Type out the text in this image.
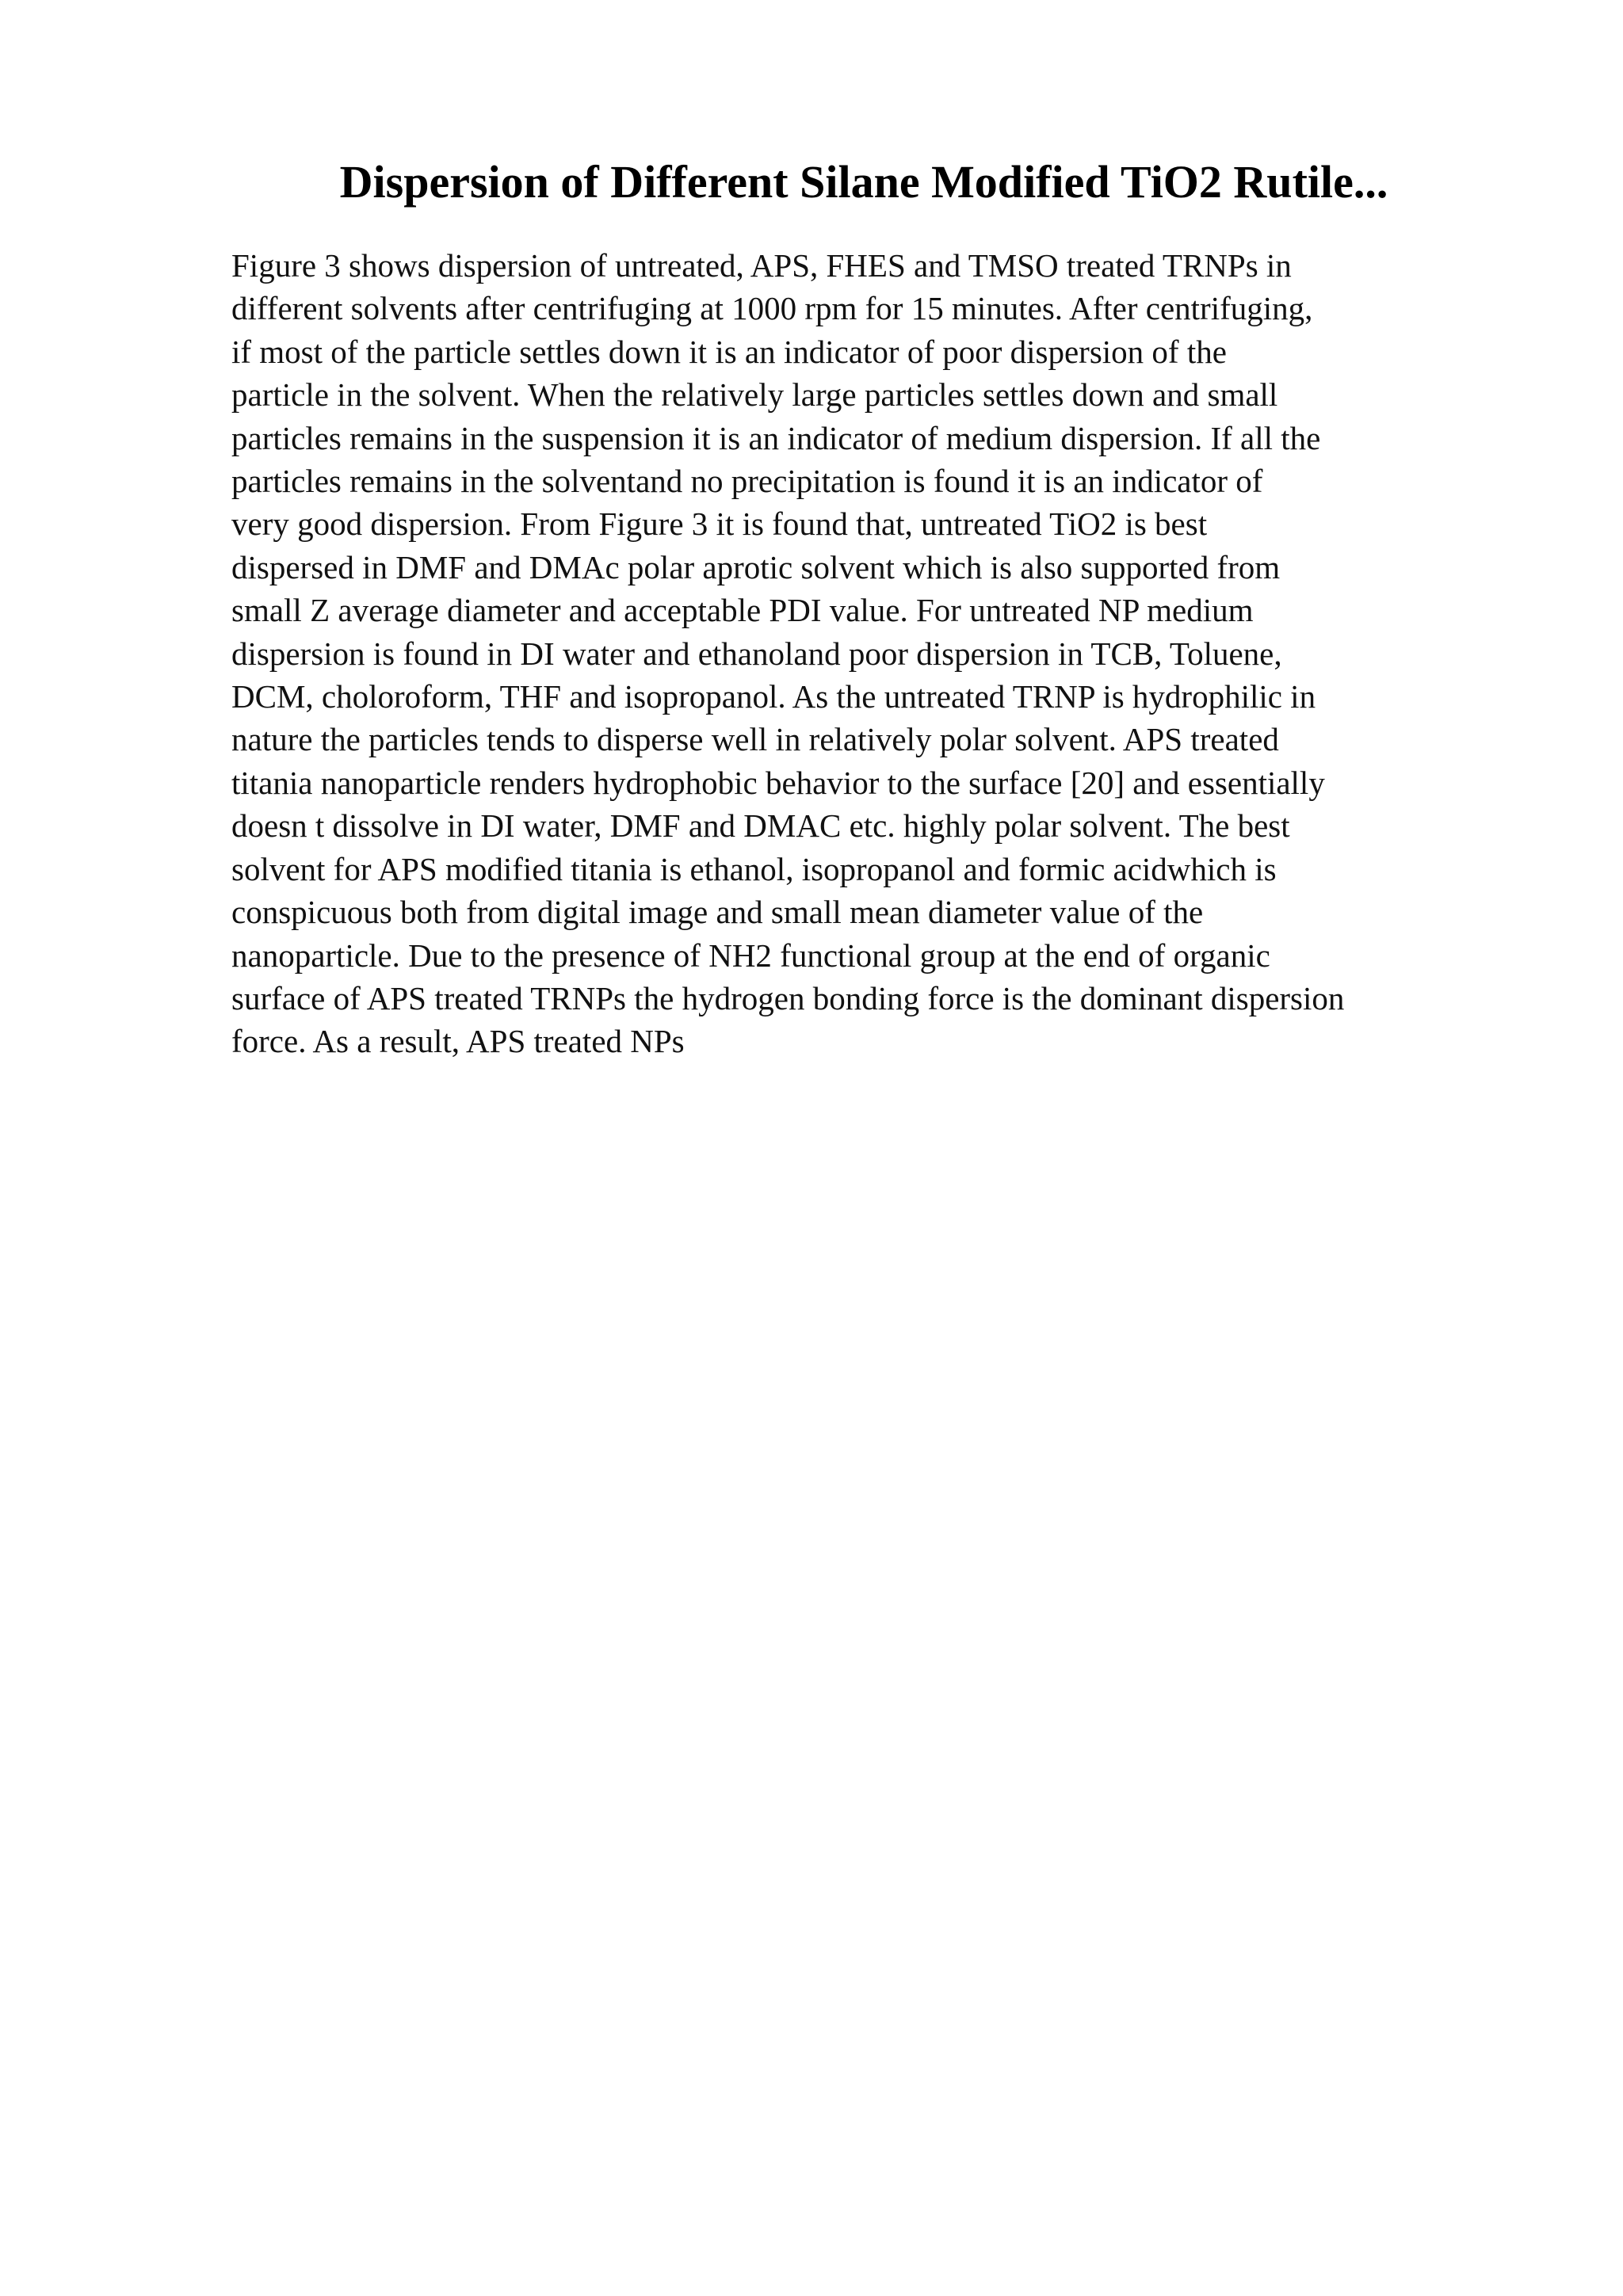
Dispersion of Different Silane Modified TiO2 Rutile...
Figure 3 shows dispersion of untreated, APS, FHES and TMSO treated TRNPs in
different solvents after centrifuging at 1000 rpm for 15 minutes. After centrifuging,
if most of the particle settles down it is an indicator of poor dispersion of the
particle in the solvent. When the relatively large particles settles down and small
particles remains in the suspension it is an indicator of medium dispersion. If all the
particles remains in the solventand no precipitation is found it is an indicator of
very good dispersion. From Figure 3 it is found that, untreated TiO2 is best
dispersed in DMF and DMAc polar aprotic solvent which is also supported from
small Z average diameter and acceptable PDI value. For untreated NP medium
dispersion is found in DI water and ethanoland poor dispersion in TCB, Toluene,
DCM, choloroform, THF and isopropanol. As the untreated TRNP is hydrophilic in
nature the particles tends to disperse well in relatively polar solvent. APS treated
titania nanoparticle renders hydrophobic behavior to the surface [20] and essentially
doesn t dissolve in DI water, DMF and DMAC etc. highly polar solvent. The best
solvent for APS modified titania is ethanol, isopropanol and formic acidwhich is
conspicuous both from digital image and small mean diameter value of the
nanoparticle. Due to the presence of NH2 functional group at the end of organic
surface of APS treated TRNPs the hydrogen bonding force is the dominant dispersion
force. As a result, APS treated NPs
